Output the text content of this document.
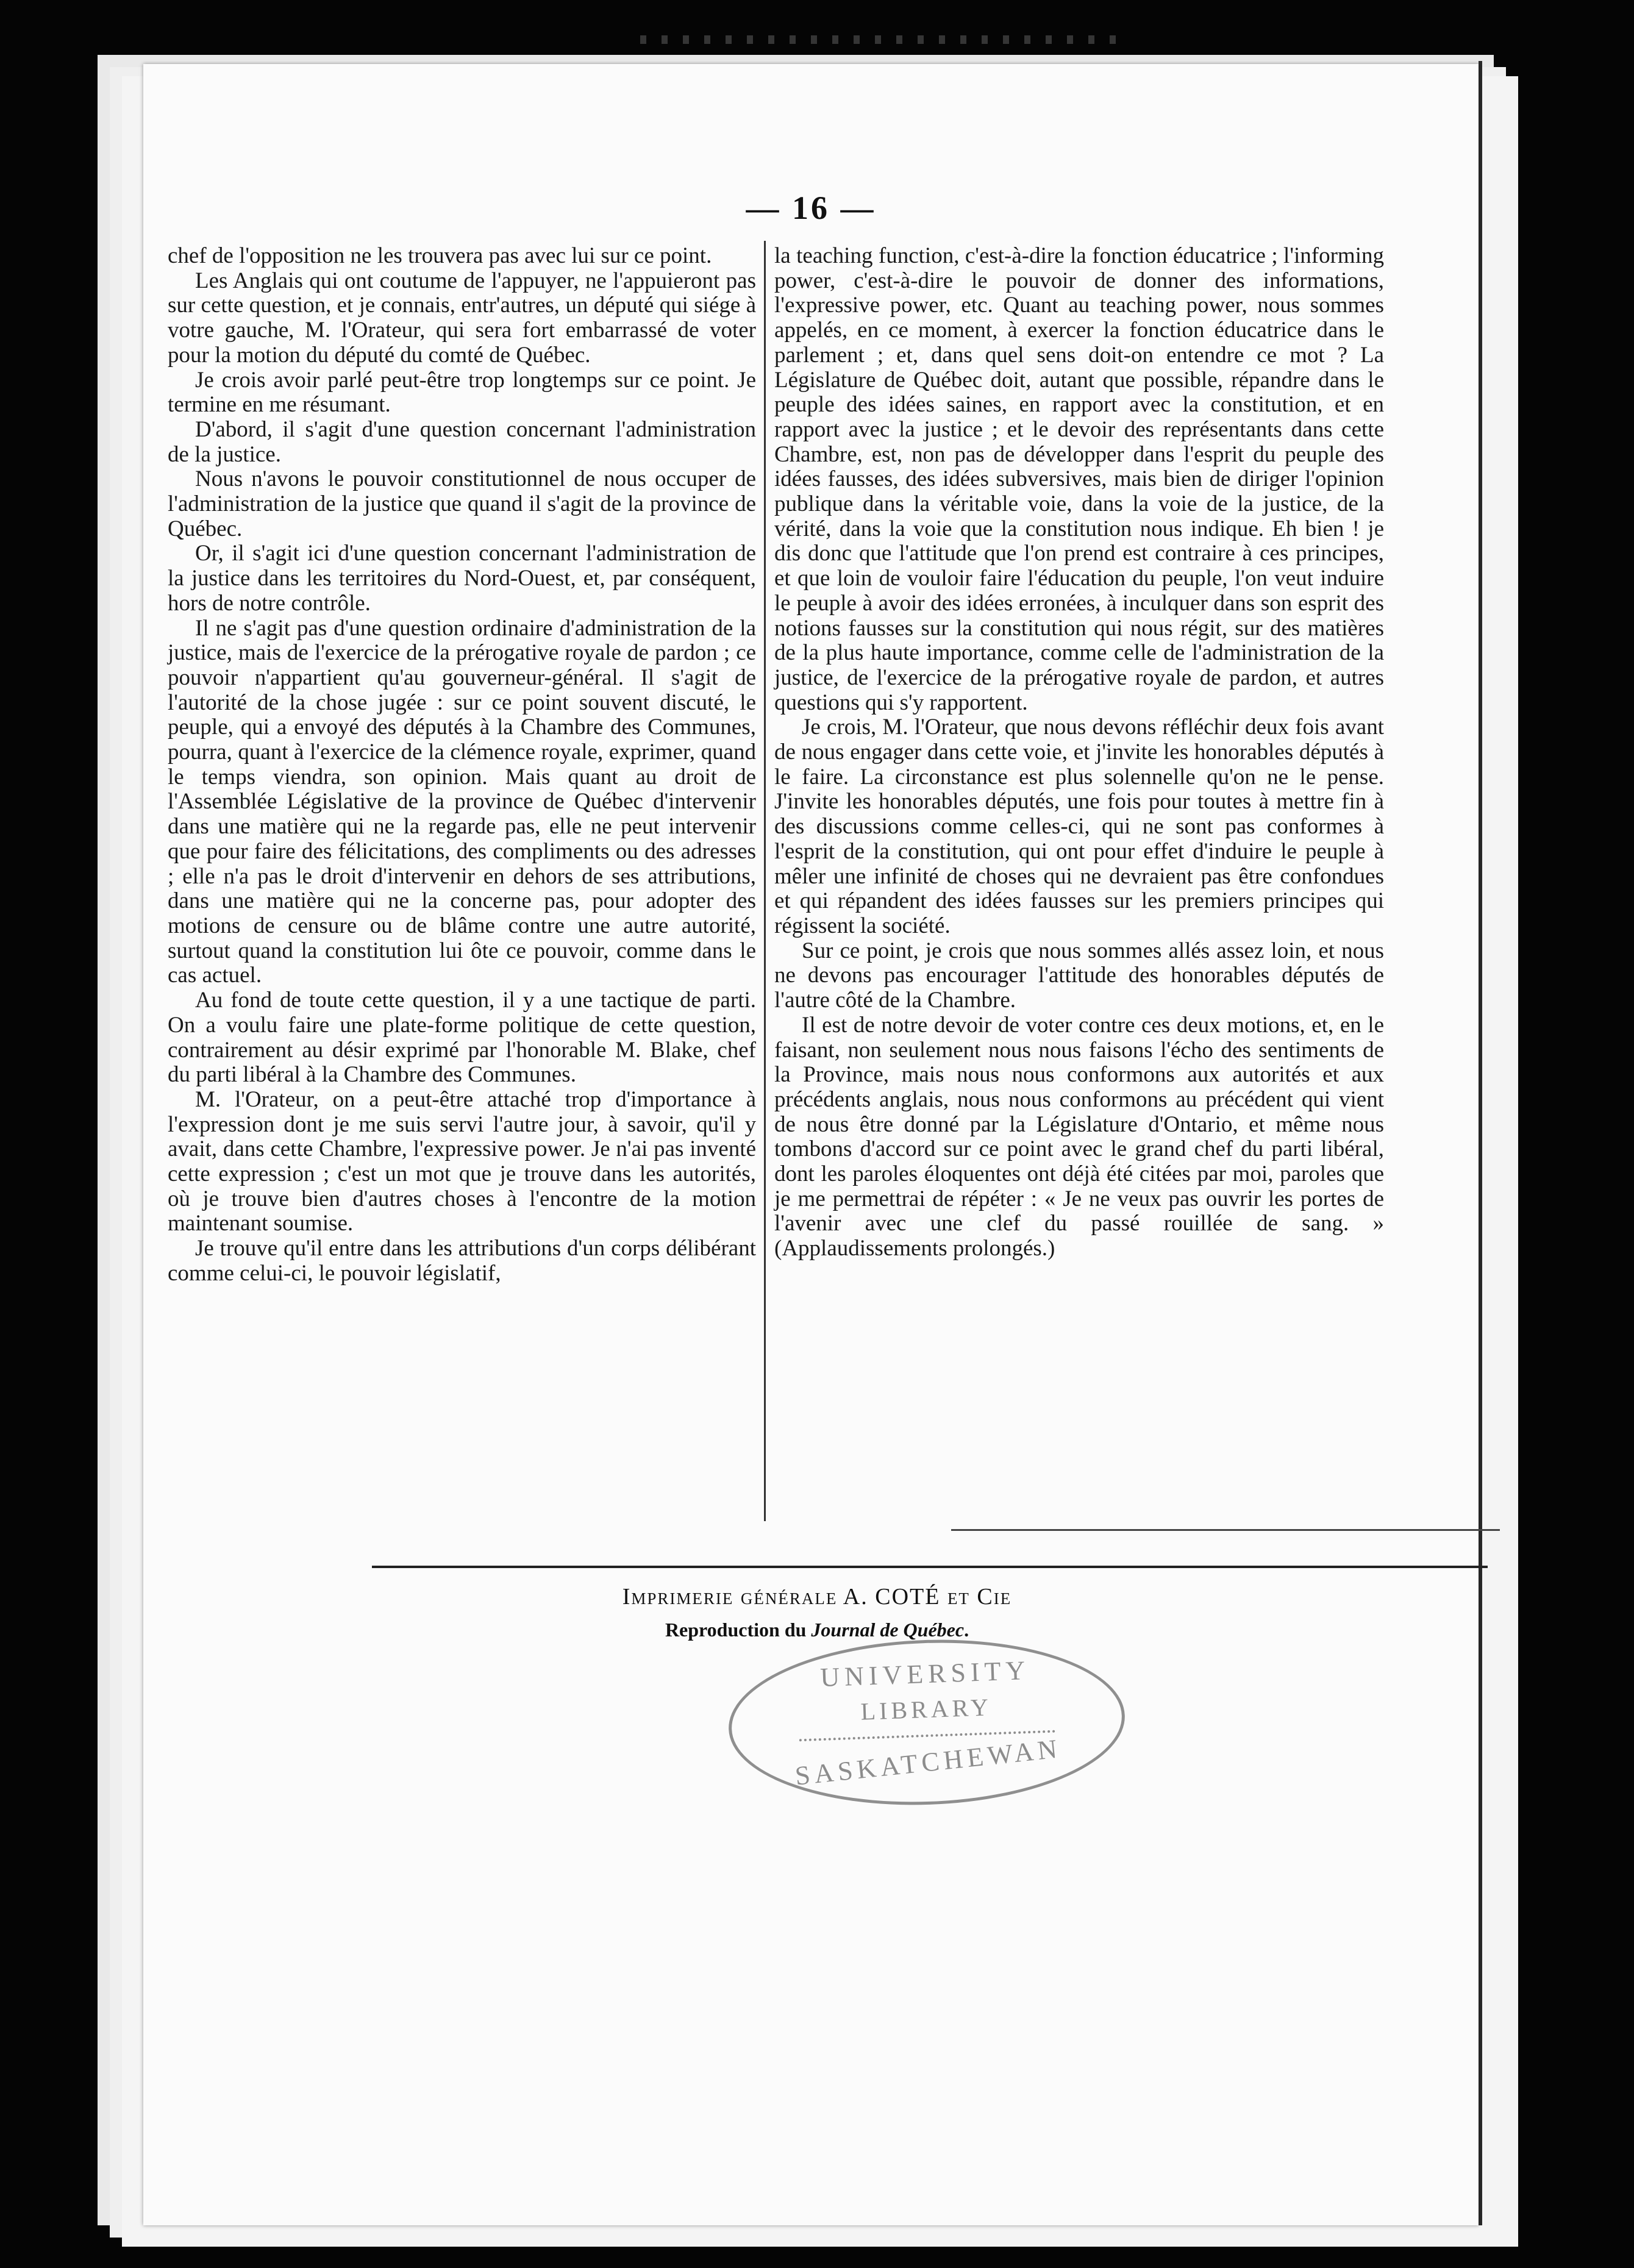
— 16 —

chef de l'opposition ne les trouvera pas avec lui sur ce point.

Les Anglais qui ont coutume de l'appuyer, ne l'appuieront pas sur cette question, et je connais, entr'autres, un député qui siége à votre gauche, M. l'Orateur, qui sera fort embarrassé de voter pour la motion du député du comté de Québec.

Je crois avoir parlé peut-être trop longtemps sur ce point. Je termine en me résumant.

D'abord, il s'agit d'une question concernant l'administration de la justice.

Nous n'avons le pouvoir constitutionnel de nous occuper de l'administration de la justice que quand il s'agit de la province de Québec.

Or, il s'agit ici d'une question concernant l'administration de la justice dans les territoires du Nord-Ouest, et, par conséquent, hors de notre contrôle.

Il ne s'agit pas d'une question ordinaire d'administration de la justice, mais de l'exercice de la prérogative royale de pardon ; ce pouvoir n'appartient qu'au gouverneur-général. Il s'agit de l'autorité de la chose jugée : sur ce point souvent discuté, le peuple, qui a envoyé des députés à la Chambre des Communes, pourra, quant à l'exercice de la clémence royale, exprimer, quand le temps viendra, son opinion. Mais quant au droit de l'Assemblée Législative de la province de Québec d'intervenir dans une matière qui ne la regarde pas, elle ne peut intervenir que pour faire des félicitations, des compliments ou des adresses ; elle n'a pas le droit d'intervenir en dehors de ses attributions, dans une matière qui ne la concerne pas, pour adopter des motions de censure ou de blâme contre une autre autorité, surtout quand la constitution lui ôte ce pouvoir, comme dans le cas actuel.

Au fond de toute cette question, il y a une tactique de parti. On a voulu faire une plate-forme politique de cette question, contrairement au désir exprimé par l'honorable M. Blake, chef du parti libéral à la Chambre des Communes.

M. l'Orateur, on a peut-être attaché trop d'importance à l'expression dont je me suis servi l'autre jour, à savoir, qu'il y avait, dans cette Chambre, l'expressive power. Je n'ai pas inventé cette expression ; c'est un mot que je trouve dans les autorités, où je trouve bien d'autres choses à l'encontre de la motion maintenant soumise.

Je trouve qu'il entre dans les attributions d'un corps délibérant comme celui-ci, le pouvoir législatif,

la teaching function, c'est-à-dire la fonction éducatrice ; l'informing power, c'est-à-dire le pouvoir de donner des informations, l'expressive power, etc. Quant au teaching power, nous sommes appelés, en ce moment, à exercer la fonction éducatrice dans le parlement ; et, dans quel sens doit-on entendre ce mot ? La Législature de Québec doit, autant que possible, répandre dans le peuple des idées saines, en rapport avec la constitution, et en rapport avec la justice ; et le devoir des représentants dans cette Chambre, est, non pas de développer dans l'esprit du peuple des idées fausses, des idées subversives, mais bien de diriger l'opinion publique dans la véritable voie, dans la voie de la justice, de la vérité, dans la voie que la constitution nous indique. Eh bien ! je dis donc que l'attitude que l'on prend est contraire à ces principes, et que loin de vouloir faire l'éducation du peuple, l'on veut induire le peuple à avoir des idées erronées, à inculquer dans son esprit des notions fausses sur la constitution qui nous régit, sur des matières de la plus haute importance, comme celle de l'administration de la justice, de l'exercice de la prérogative royale de pardon, et autres questions qui s'y rapportent.

Je crois, M. l'Orateur, que nous devons réfléchir deux fois avant de nous engager dans cette voie, et j'invite les honorables députés à le faire. La circonstance est plus solennelle qu'on ne le pense. J'invite les honorables députés, une fois pour toutes à mettre fin à des discussions comme celles-ci, qui ne sont pas conformes à l'esprit de la constitution, qui ont pour effet d'induire le peuple à mêler une infinité de choses qui ne devraient pas être confondues et qui répandent des idées fausses sur les premiers principes qui régissent la société.

Sur ce point, je crois que nous sommes allés assez loin, et nous ne devons pas encourager l'attitude des honorables députés de l'autre côté de la Chambre.

Il est de notre devoir de voter contre ces deux motions, et, en le faisant, non seulement nous nous faisons l'écho des sentiments de la Province, mais nous nous conformons aux autorités et aux précédents anglais, nous nous conformons au précédent qui vient de nous être donné par la Législature d'Ontario, et même nous tombons d'accord sur ce point avec le grand chef du parti libéral, dont les paroles éloquentes ont déjà été citées par moi, paroles que je me permettrai de répéter : « Je ne veux pas ouvrir les portes de l'avenir avec une clef du passé rouillée de sang. » (Applaudissements prolongés.)

Imprimerie générale A. COTÉ et Cie
Reproduction du Journal de Québec.
UNIVERSITY
LIBRARY
SASKATCHEWAN
